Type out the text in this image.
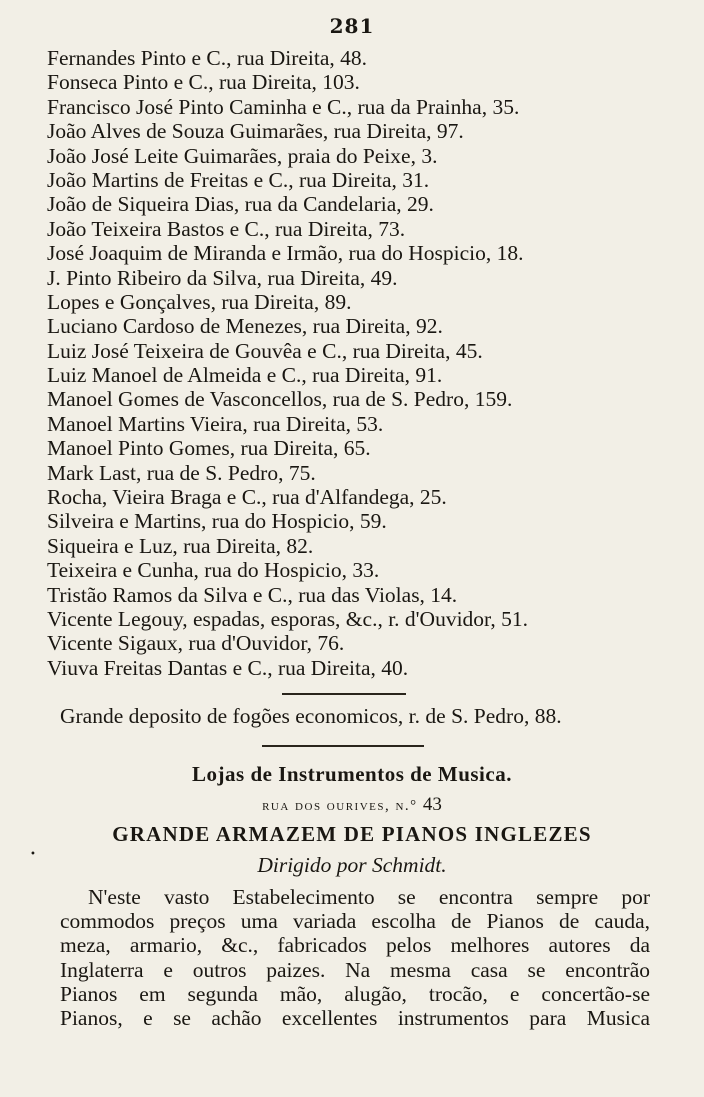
281
Fernandes Pinto e C., rua Direita, 48.
Fonseca Pinto e C., rua Direita, 103.
Francisco José Pinto Caminha e C., rua da Prainha, 35.
João Alves de Souza Guimarães, rua Direita, 97.
João José Leite Guimarães, praia do Peixe, 3.
João Martins de Freitas e C., rua Direita, 31.
João de Siqueira Dias, rua da Candelaria, 29.
João Teixeira Bastos e C., rua Direita, 73.
José Joaquim de Miranda e Irmão, rua do Hospicio, 18.
J. Pinto Ribeiro da Silva, rua Direita, 49.
Lopes e Gonçalves, rua Direita, 89.
Luciano Cardoso de Menezes, rua Direita, 92.
Luiz José Teixeira de Gouvêa e C., rua Direita, 45.
Luiz Manoel de Almeida e C., rua Direita, 91.
Manoel Gomes de Vasconcellos, rua de S. Pedro, 159.
Manoel Martins Vieira, rua Direita, 53.
Manoel Pinto Gomes, rua Direita, 65.
Mark Last, rua de S. Pedro, 75.
Rocha, Vieira Braga e C., rua d'Alfandega, 25.
Silveira e Martins, rua do Hospicio, 59.
Siqueira e Luz, rua Direita, 82.
Teixeira e Cunha, rua do Hospicio, 33.
Tristão Ramos da Silva e C., rua das Violas, 14.
Vicente Legouy, espadas, esporas, &c., r. d'Ouvidor, 51.
Vicente Sigaux, rua d'Ouvidor, 76.
Viuva Freitas Dantas e C., rua Direita, 40.
Grande deposito de fogões economicos, r. de S. Pedro, 88.
Lojas de Instrumentos de Musica.
rua dos ourives, n.° 43
GRANDE ARMAZEM DE PIANOS INGLEZES
•	Dirigido por Schmidt.
N'este vasto Estabelecimento se encontra sempre por
commodos preços uma variada escolha de Pianos de cauda,
meza, armario, &c., fabricados pelos melhores autores da
Inglaterra e outros paizes. Na mesma casa se encontrão
Pianos em segunda mão, alugão, trocão, e concertão-se
Pianos, e se achão excellentes instrumentos para Musica
